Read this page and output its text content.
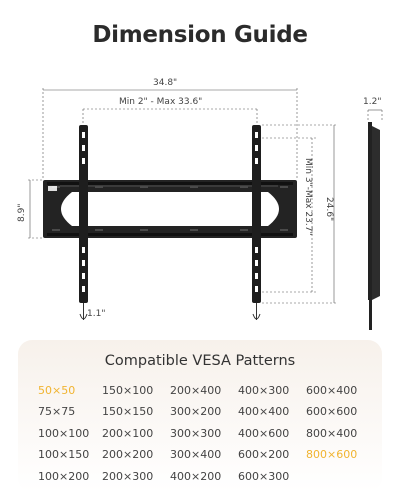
Dimension Guide
34.8"
Min 2" - Max 33.6"
8.9"	24.6"
Min 3"-Max 23.7"
1.1"
1.2"
Compatible VESA Patterns
50×50	150×100	200×400	400×300	600×400
75×75	150×150	300×200	400×400	600×600
100×100	200×100	300×300	400×600	800×400
100×150	200×200	300×400	600×200	800×600
100×200	200×300	400×200	600×300
